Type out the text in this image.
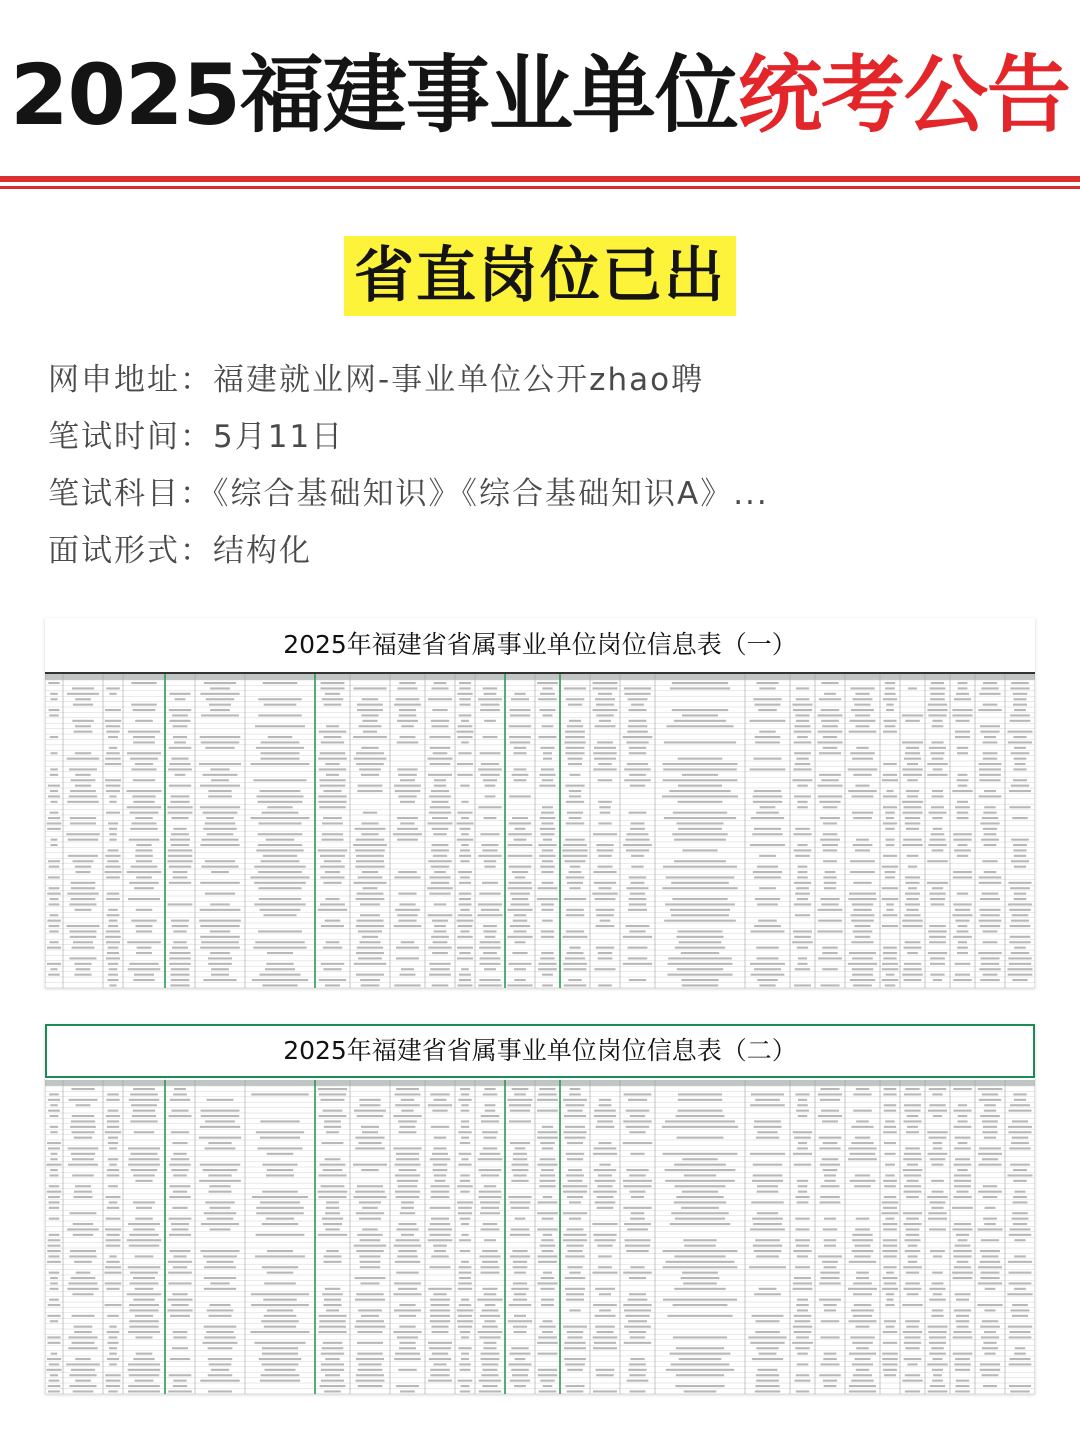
2025福建事业单位统考公告
省直岗位已出
网申地址：福建就业网-事业单位公开zhao聘
笔试时间：5月11日
笔试科目：《综合基础知识》《综合基础知识A》...
面试形式：结构化
2025年福建省省属事业单位岗位信息表（一）
2025年福建省省属事业单位岗位信息表（二）
